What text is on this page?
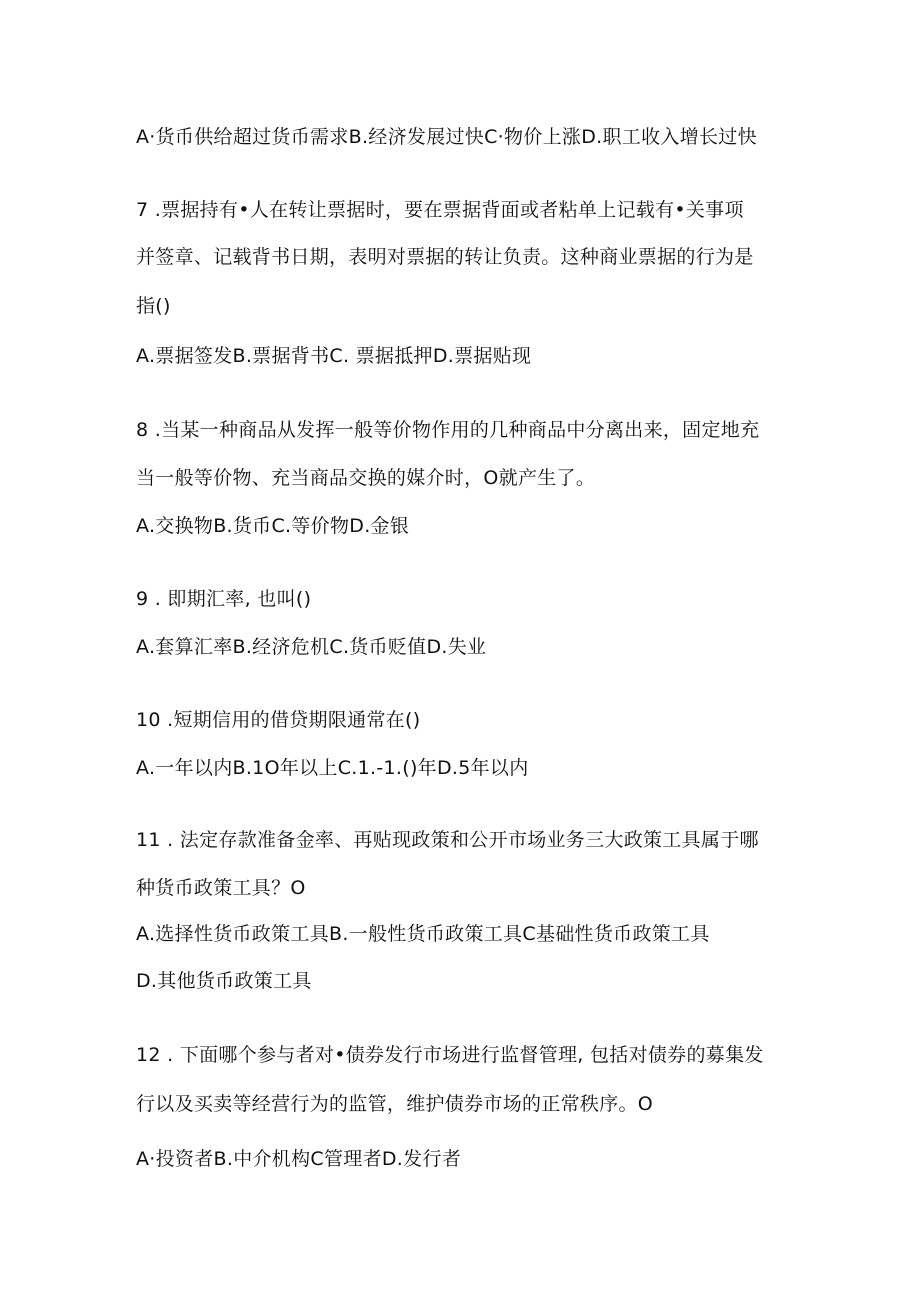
A·货币供给超过货币需求B.经济发展过快C·物价上涨D.职工收入增长过快
7 .票据持有•人在转让票据时，要在票据背面或者粘单上记载有•关事项
并签章、记载背书日期，表明对票据的转让负责。这种商业票据的行为是
指()
A.票据签发B.票据背书C. 票据抵押D.票据贴现
8 .当某一种商品从发挥一般等价物作用的几种商品中分离出来，固定地充
当一般等价物、充当商品交换的媒介时，O就产生了。
A.交换物B.货币C.等价物D.金银
9 . 即期汇率, 也叫()
A.套算汇率B.经济危机C.货币贬值D.失业
10 .短期信用的借贷期限通常在()
A.一年以内B.1O年以上C.1.-1.()年D.5年以内
11 . 法定存款准备金率、再贴现政策和公开市场业务三大政策工具属于哪
种货币政策工具？O
A.选择性货币政策工具B.一般性货币政策工具C基础性货币政策工具
D.其他货币政策工具
12 . 下面哪个参与者对•债券发行市场进行监督管理, 包括对债券的募集发
行以及买卖等经营行为的监管，维护债券市场的正常秩序。O
A·投资者B.中介机构C管理者D.发行者
